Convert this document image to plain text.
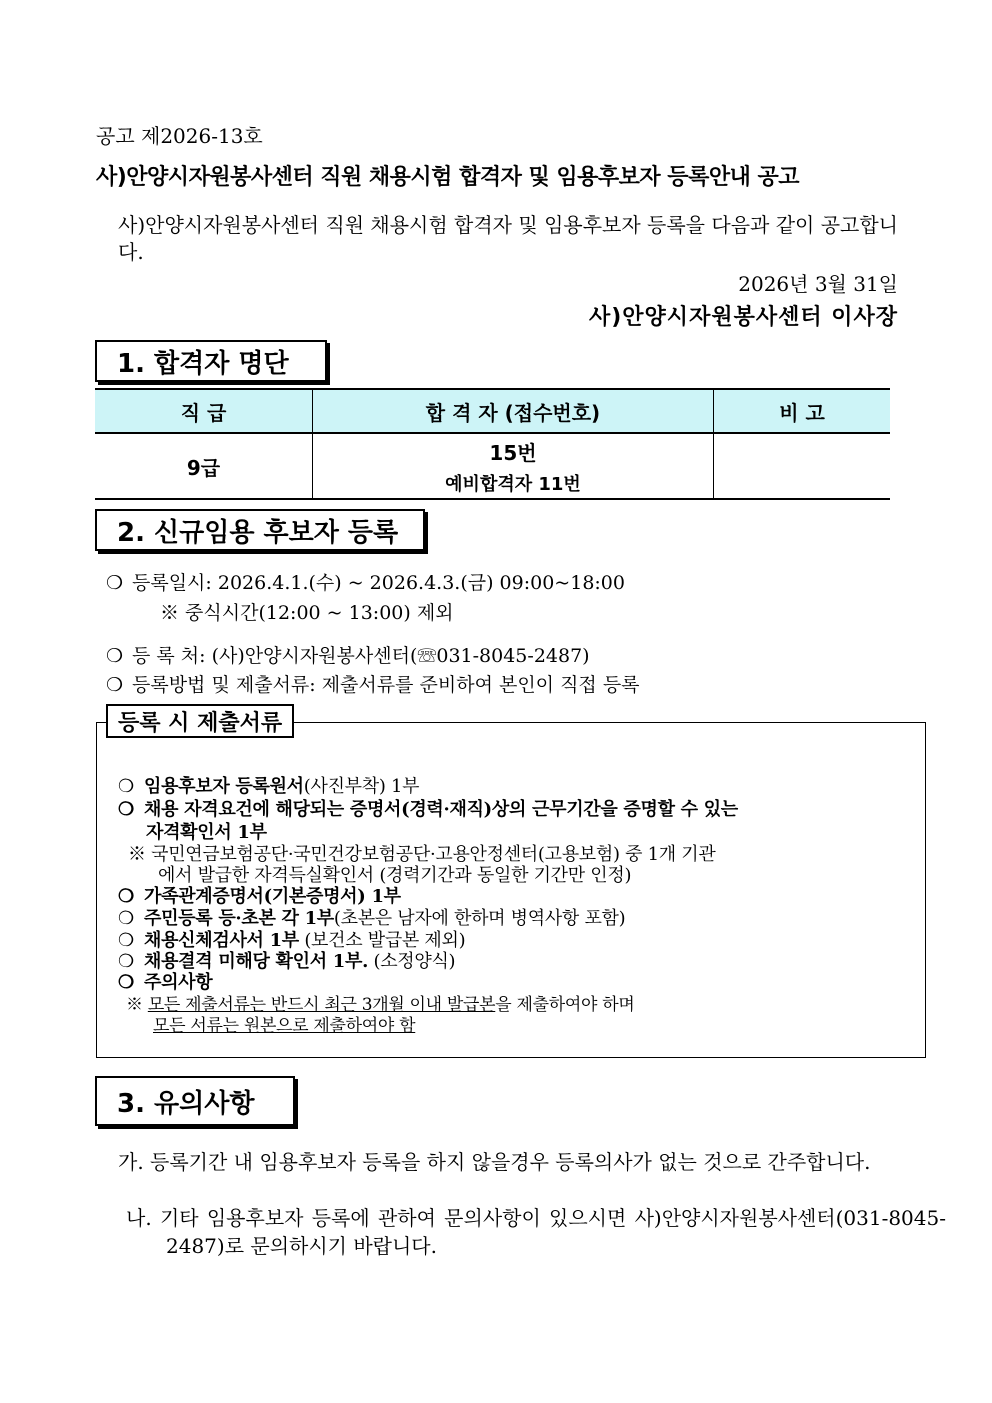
공고 제2026-13호
사)안양시자원봉사센터 직원 채용시험 합격자 및 임용후보자 등록안내 공고
사)안양시자원봉사센터 직원 채용시험 합격자 및 임용후보자 등록을 다음과 같이 공고합니다.
2026년 3월 31일
사)안양시자원봉사센터 이사장
1. 합격자 명단
직 급	합 격 자 (접수번호)	비 고
9급	15번
예비합격자 11번	

2. 신규임용 후보자 등록
❍ 등록일시: 2026.4.1.(수) ~ 2026.4.3.(금) 09:00~18:00
※ 중식시간(12:00 ~ 13:00) 제외
❍ 등 록 처: (사)안양시자원봉사센터(☏031-8045-2487)
❍ 등록방법 및 제출서류: 제출서류를 준비하여 본인이 직접 등록
등록 시 제출서류
❍ 임용후보자 등록원서(사진부착) 1부
❍ 채용 자격요건에 해당되는 증명서(경력·재직)상의 근무기간을 증명할 수 있는
자격확인서 1부
※ 국민연금보험공단·국민건강보험공단·고용안정센터(고용보험) 중 1개 기관
에서 발급한 자격득실확인서 (경력기간과 동일한 기간만 인정)
❍ 가족관계증명서(기본증명서) 1부
❍ 주민등록 등·초본 각 1부(초본은 남자에 한하며 병역사항 포함)
❍ 채용신체검사서 1부 (보건소 발급본 제외)
❍ 채용결격 미해당 확인서 1부. (소정양식)
❍ 주의사항
※ 모든 제출서류는 반드시 최근 3개월 이내 발급본을 제출하여야 하며
모든 서류는 원본으로 제출하여야 함
3. 유의사항
가. 등록기간 내 임용후보자 등록을 하지 않을경우 등록의사가 없는 것으로 간주합니다.
나. 기타 임용후보자 등록에 관하여 문의사항이 있으시면 사)안양시자원봉사센터(031-8045-2487)로 문의하시기 바랍니다.
